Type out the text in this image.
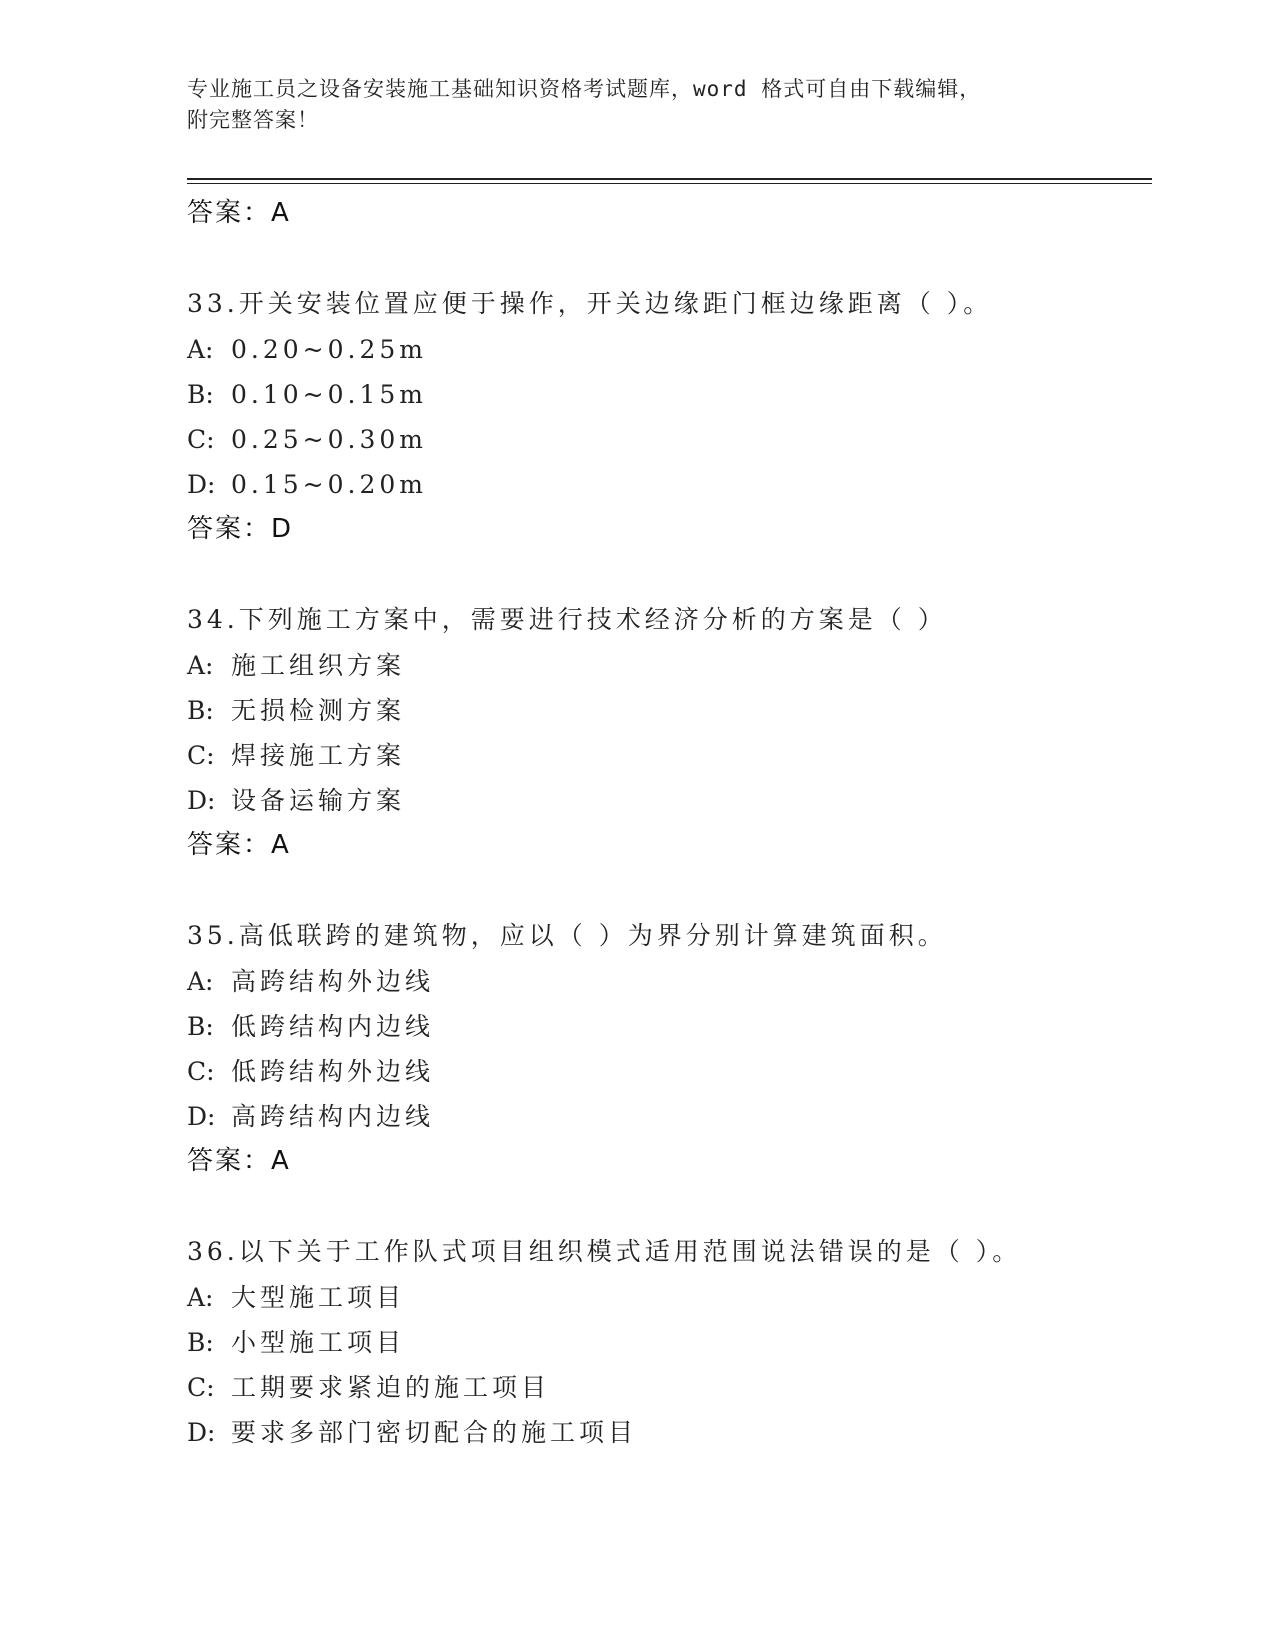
专业施工员之设备安装施工基础知识资格考试题库，word 格式可自由下载编辑，
附完整答案！
答案：A
33.开关安装位置应便于操作，开关边缘距门框边缘距离（ ）。
A: 0.20~0.25m
B: 0.10~0.15m
C: 0.25~0.30m
D: 0.15~0.20m
答案：D
34.下列施工方案中，需要进行技术经济分析的方案是（ ）
A: 施工组织方案
B: 无损检测方案
C: 焊接施工方案
D: 设备运输方案
答案：A
35.高低联跨的建筑物，应以（ ）为界分别计算建筑面积。
A: 高跨结构外边线
B: 低跨结构内边线
C: 低跨结构外边线
D: 高跨结构内边线
答案：A
36.以下关于工作队式项目组织模式适用范围说法错误的是（ ）。
A: 大型施工项目
B: 小型施工项目
C: 工期要求紧迫的施工项目
D: 要求多部门密切配合的施工项目
